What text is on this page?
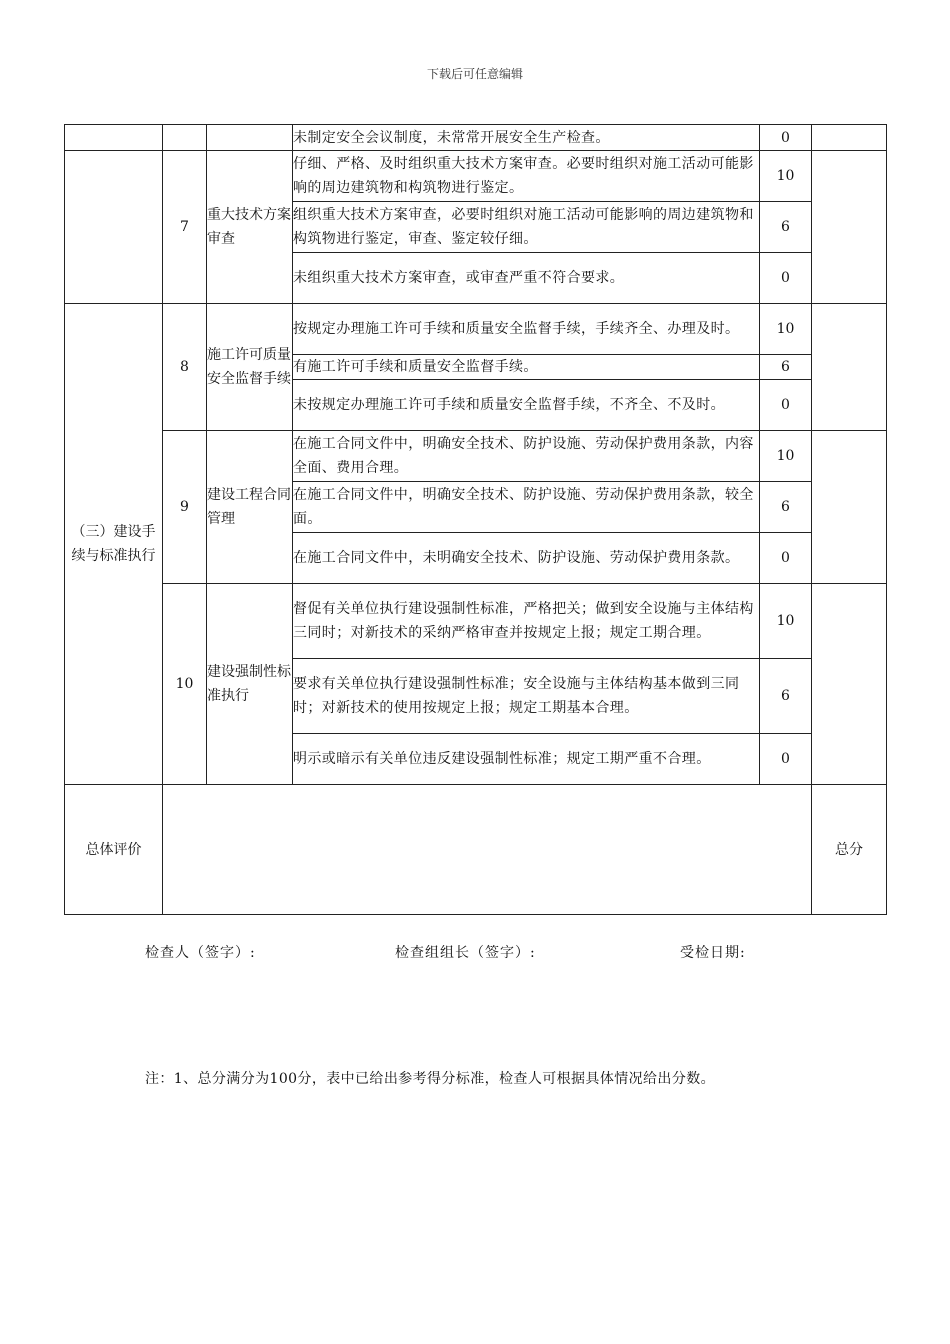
下载后可任意编辑
			未制定安全会议制度，未常常开展安全生产检查。	0	
	7	重大技术方案审查	仔细、严格、及时组织重大技术方案审查。必要时组织对施工活动可能影响的周边建筑物和构筑物进行鉴定。	10	
			组织重大技术方案审查，必要时组织对施工活动可能影响的周边建筑物和构筑物进行鉴定，审查、鉴定较仔细。	6	
			未组织重大技术方案审查，或审查严重不符合要求。	0	
（三）建设手续与标准执行	8	施工许可质量安全监督手续	按规定办理施工许可手续和质量安全监督手续，手续齐全、办理及时。	10	
			有施工许可手续和质量安全监督手续。	6	
			未按规定办理施工许可手续和质量安全监督手续，不齐全、不及时。	0	
	9	建设工程合同管理	在施工合同文件中，明确安全技术、防护设施、劳动保护费用条款，内容全面、费用合理。	10	
			在施工合同文件中，明确安全技术、防护设施、劳动保护费用条款，较全面。	6	
			在施工合同文件中，未明确安全技术、防护设施、劳动保护费用条款。	0	
	10	建设强制性标准执行	督促有关单位执行建设强制性标准，严格把关；做到安全设施与主体结构三同时；对新技术的采纳严格审查并按规定上报；规定工期合理。	10	
			要求有关单位执行建设强制性标准；安全设施与主体结构基本做到三同时；对新技术的使用按规定上报；规定工期基本合理。	6	
			明示或暗示有关单位违反建设强制性标准；规定工期严重不合理。	0	
总体评价					总分
检查人（签字）:	检查组组长（签字）:	受检日期:
注：1、总分满分为100分，表中已给出参考得分标准，检查人可根据具体情况给出分数。
